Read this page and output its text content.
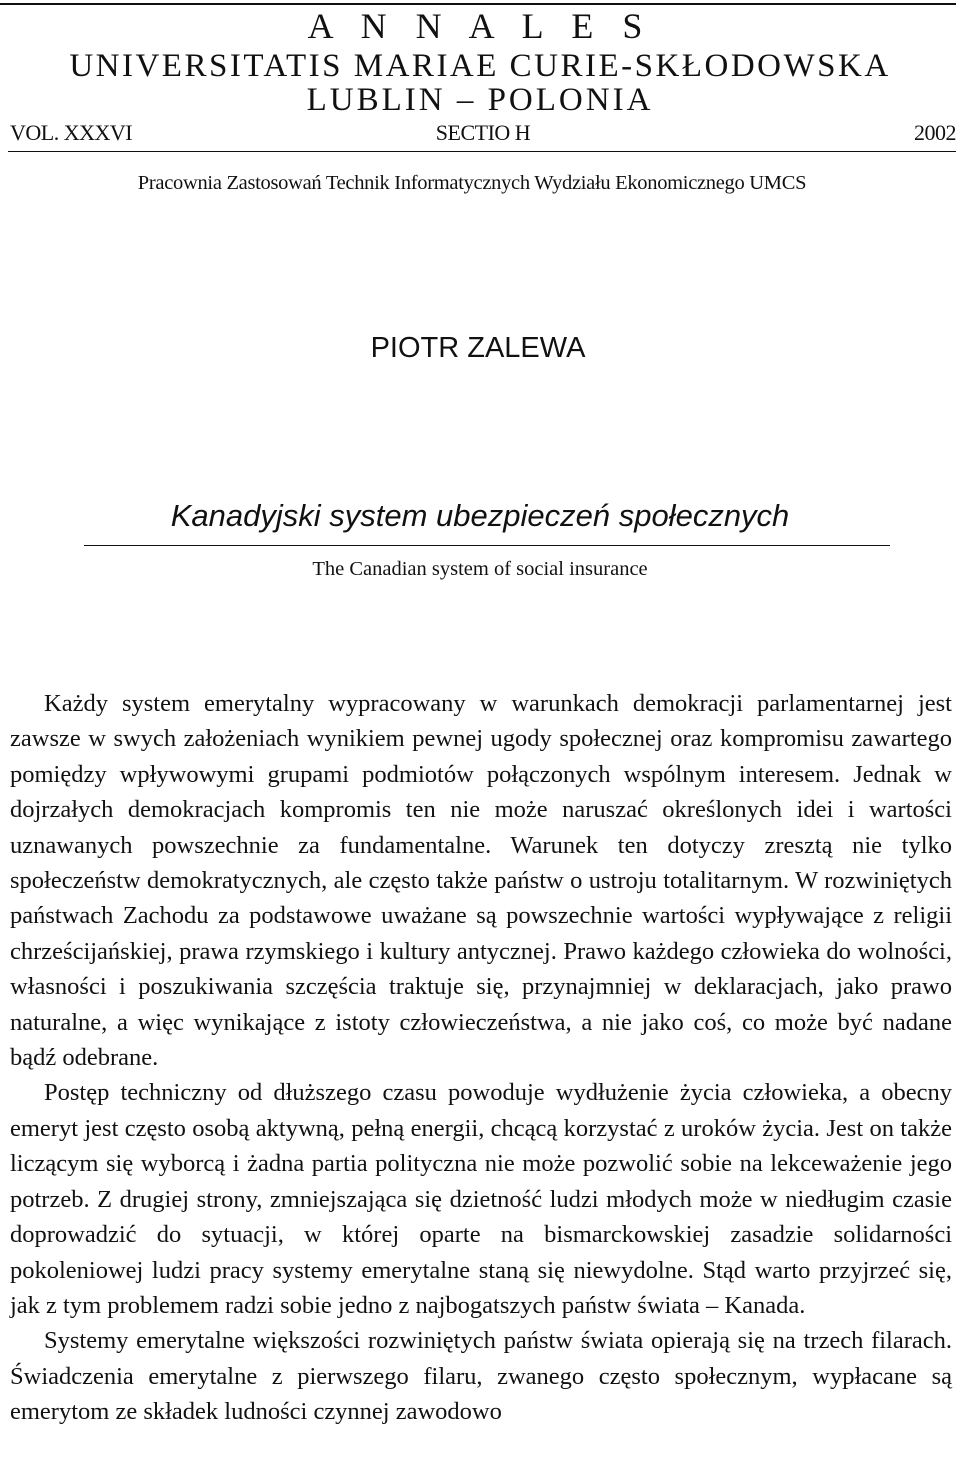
A N N A L E S
UNIVERSITATIS MARIAE CURIE-SKŁODOWSKA
LUBLIN – POLONIA
VOL. XXXVI	SECTIO H	2002
Pracownia Zastosowań Technik Informatycznych Wydziału Ekonomicznego UMCS
PIOTR ZALEWA
Kanadyjski system ubezpieczeń społecznych
The Canadian system of social insurance

Każdy system emerytalny wypracowany w warunkach demokracji parlamentarnej jest zawsze w swych założeniach wynikiem pewnej ugody społecznej oraz kompromisu zawartego pomiędzy wpływowymi grupami podmiotów połączonych wspólnym interesem. Jednak w dojrzałych demokracjach kompromis ten nie może naruszać określonych idei i wartości uznawanych powszechnie za fundamentalne. Warunek ten dotyczy zresztą nie tylko społeczeństw demokratycznych, ale często także państw o ustroju totalitarnym. W rozwiniętych państwach Zachodu za podstawowe uważane są powszechnie wartości wypływające z religii chrześcijańskiej, prawa rzymskiego i kultury antycznej. Prawo każdego człowieka do wolności, własności i poszukiwania szczęścia traktuje się, przynajmniej w deklaracjach, jako prawo naturalne, a więc wynikające z istoty człowieczeństwa, a nie jako coś, co może być nadane bądź odebrane.

Postęp techniczny od dłuższego czasu powoduje wydłużenie życia człowieka, a obecny emeryt jest często osobą aktywną, pełną energii, chcącą korzystać z uroków życia. Jest on także liczącym się wyborcą i żadna partia polityczna nie może pozwolić sobie na lekceważenie jego potrzeb. Z drugiej strony, zmniejszająca się dzietność ludzi młodych może w niedługim czasie doprowadzić do sytuacji, w której oparte na bismarckowskiej zasadzie solidarności pokoleniowej ludzi pracy systemy emerytalne staną się niewydolne. Stąd warto przyjrzeć się, jak z tym problemem radzi sobie jedno z najbogatszych państw świata – Kanada.

Systemy emerytalne większości rozwiniętych państw świata opierają się na trzech filarach. Świadczenia emerytalne z pierwszego filaru, zwanego często społecznym, wypłacane są emerytom ze składek ludności czynnej zawodowo
